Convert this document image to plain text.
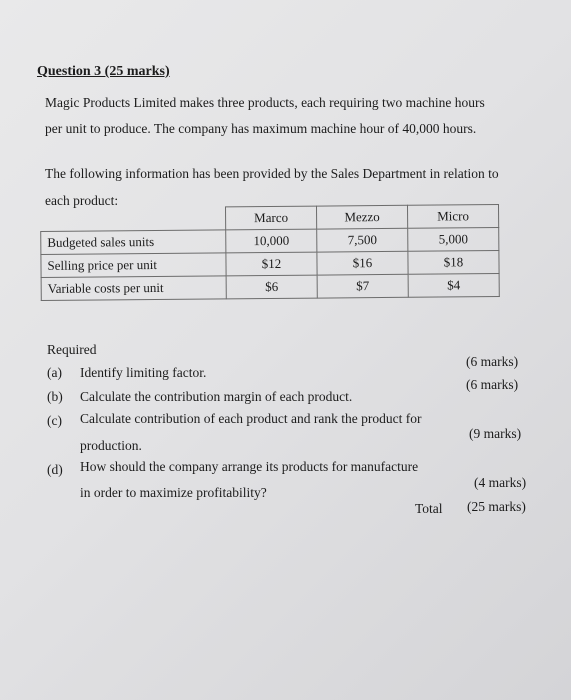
Question 3 (25 marks)
Magic Products Limited makes three products, each requiring two machine hours
per unit to produce. The company has maximum machine hour of 40,000 hours.
The following information has been provided by the Sales Department in relation to
each product:
	Marco	Mezzo	Micro
Budgeted sales units	10,000	7,500	5,000
Selling price per unit	$12	$16	$18
Variable costs per unit	$6	$7	$4
Required
(a) Identify limiting factor.
(6 marks)
(b) Calculate the contribution margin of each product.
(6 marks)
(c) Calculate contribution of each product and rank the product for
production.
(9 marks)
(d) How should the company arrange its products for manufacture
in order to maximize profitability?
(4 marks)
Total (25 marks)
